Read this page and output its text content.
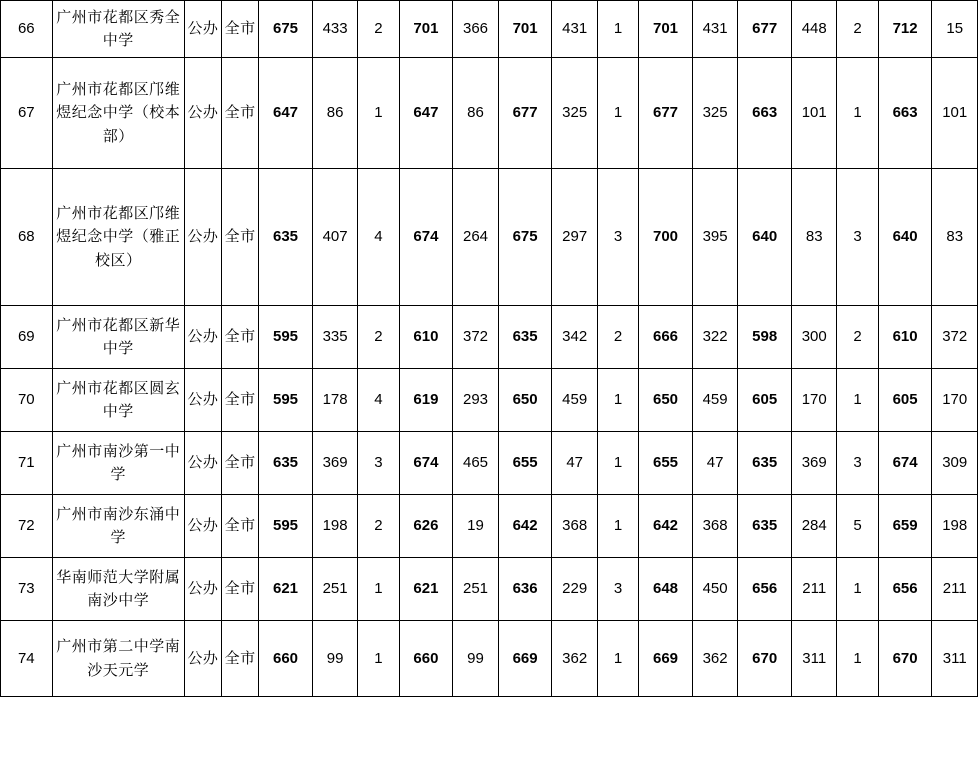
66	广州市花都区秀全中学	公办	全市	675	433	2	701	366	701	431	1	701	431	677	448	2	712	15
67	广州市花都区邝维煜纪念中学（校本部）	公办	全市	647	86	1	647	86	677	325	1	677	325	663	101	1	663	101
68	广州市花都区邝维煜纪念中学（雅正校区）	公办	全市	635	407	4	674	264	675	297	3	700	395	640	83	3	640	83
69	广州市花都区新华中学	公办	全市	595	335	2	610	372	635	342	2	666	322	598	300	2	610	372
70	广州市花都区圆玄中学	公办	全市	595	178	4	619	293	650	459	1	650	459	605	170	1	605	170
71	广州市南沙第一中学	公办	全市	635	369	3	674	465	655	47	1	655	47	635	369	3	674	309
72	广州市南沙东涌中学	公办	全市	595	198	2	626	19	642	368	1	642	368	635	284	5	659	198
73	华南师范大学附属南沙中学	公办	全市	621	251	1	621	251	636	229	3	648	450	656	211	1	656	211
74	广州市第二中学南沙天元学	公办	全市	660	99	1	660	99	669	362	1	669	362	670	311	1	670	311
